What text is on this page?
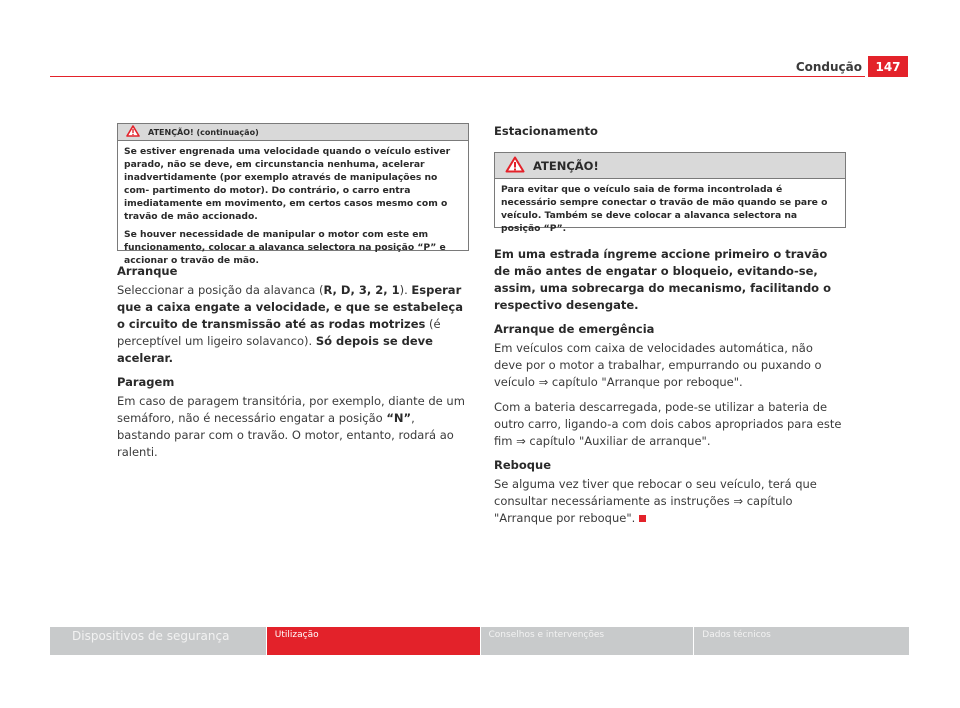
Condução	147
ATENÇÃO! (continuação)

Se estiver engrenada uma velocidade quando o veículo estiver parado, não se deve, em circunstancia nenhuma, acelerar inadvertidamente (por exemplo através de manipulações no com- partimento do motor). Do contrário, o carro entra imediatamente em movimento, em certos casos mesmo com o travão de mão accionado.

Se houver necessidade de manipular o motor com este em funcionamento, colocar a alavanca selectora na posição “P” e accionar o travão de mão.

Arranque

Seleccionar a posição da alavanca (R, D, 3, 2, 1). Esperar que a caixa engate a velocidade, e que se estabeleça o circuito de transmissão até as rodas motrizes (é perceptível um ligeiro solavanco). Só depois se deve acelerar.

Paragem

Em caso de paragem transitória, por exemplo, diante de um semáforo, não é necessário engatar a posição “N”, bastando parar com o travão. O motor, entanto, rodará ao ralenti.

Estacionamento
ATENÇÃO!

Para evitar que o veículo saia de forma incontrolada é necessário sempre conectar o travão de mão quando se pare o veículo. Também se deve colocar a alavanca selectora na posição “P”.

Em uma estrada íngreme accione primeiro o travão de mão antes de engatar o bloqueio, evitando-se, assim, uma sobrecarga do mecanismo, facilitando o respectivo desengate.

Arranque de emergência

Em veículos com caixa de velocidades automática, não deve por o motor a trabalhar, empurrando ou puxando o veículo ⇒ capítulo "Arranque por reboque".

Com a bateria descarregada, pode-se utilizar a bateria de outro carro, ligando-a com dois cabos apropriados para este fim ⇒ capítulo "Auxiliar de arranque".

Reboque

Se alguma vez tiver que rebocar o seu veículo, terá que consultar necessáriamente as instruções ⇒ capítulo "Arranque por reboque".

Dispositivos de segurança	Utilização	Conselhos e intervenções	Dados técnicos
